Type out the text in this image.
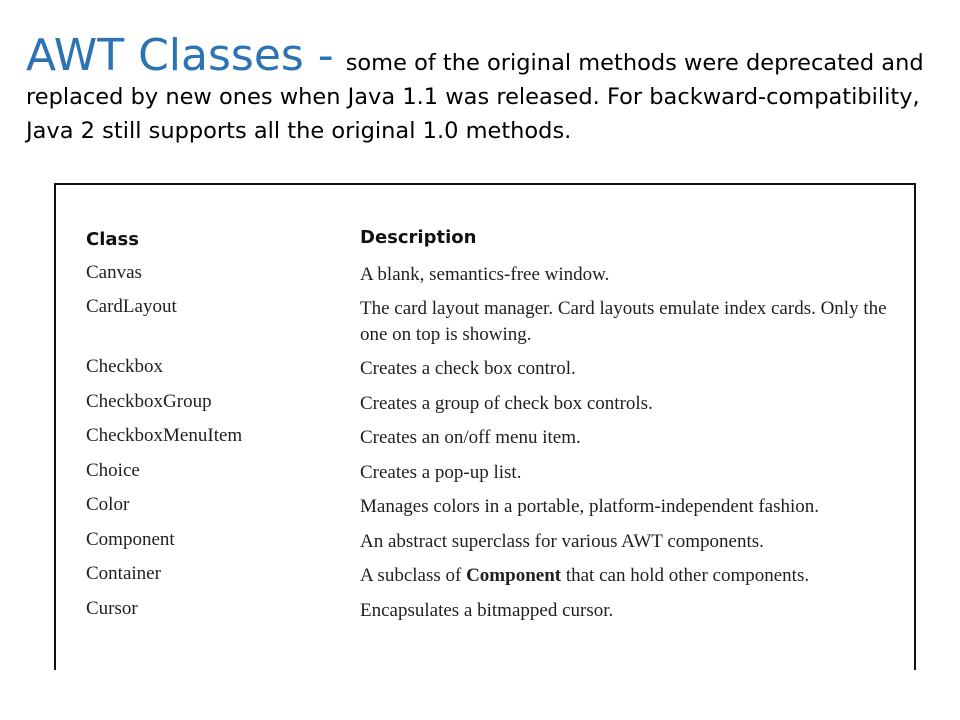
AWT Classes - some of the original methods were deprecated and replaced by new ones when Java 1.1 was released. For backward-compatibility, Java 2 still supports all the original 1.0 methods.
Class	Description
Canvas	A blank, semantics-free window.
CardLayout	The card layout manager. Card layouts emulate index cards. Only the one on top is showing.
Checkbox	Creates a check box control.
CheckboxGroup	Creates a group of check box controls.
CheckboxMenuItem	Creates an on/off menu item.
Choice	Creates a pop-up list.
Color	Manages colors in a portable, platform-independent fashion.
Component	An abstract superclass for various AWT components.
Container	A subclass of Component that can hold other components.
Cursor	Encapsulates a bitmapped cursor.
